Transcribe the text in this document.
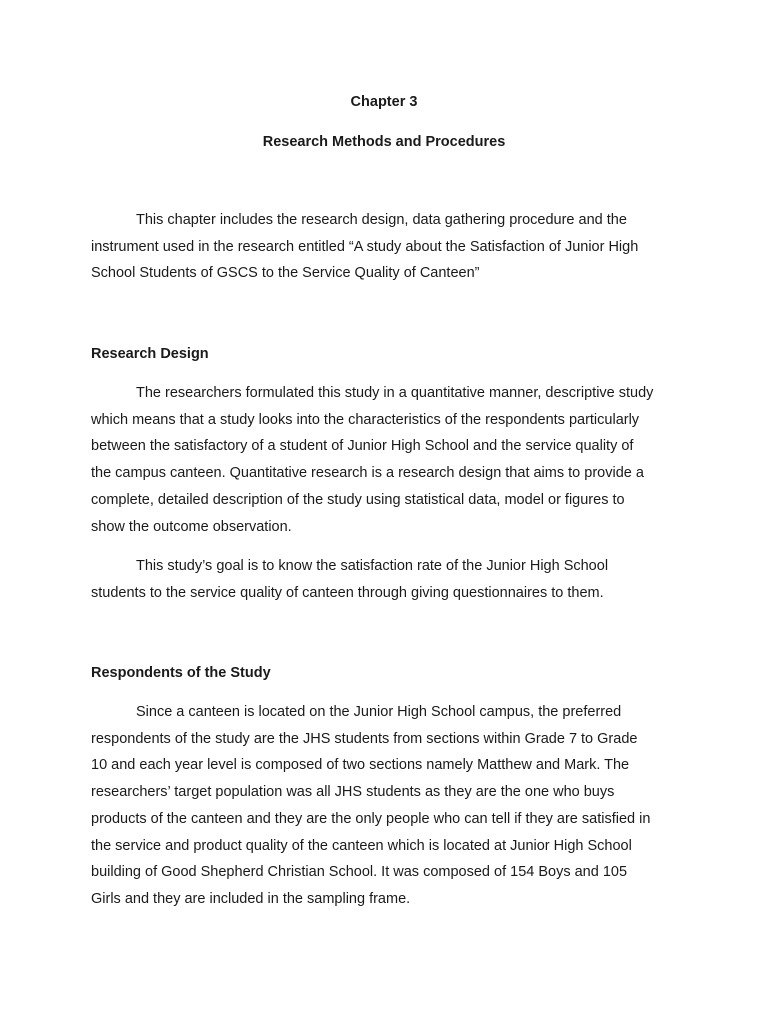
Chapter 3
Research Methods and Procedures
This chapter includes the research design, data gathering procedure and the
instrument used in the research entitled “A study about the Satisfaction of Junior High
School Students of GSCS to the Service Quality of Canteen”
Research Design
The researchers formulated this study in a quantitative manner, descriptive study
which means that a study looks into the characteristics of the respondents particularly
between the satisfactory of a student of Junior High School and the service quality of
the campus canteen. Quantitative research is a research design that aims to provide a
complete, detailed description of the study using statistical data, model or figures to
show the outcome observation.
This study’s goal is to know the satisfaction rate of the Junior High School
students to the service quality of canteen through giving questionnaires to them.
Respondents of the Study
Since a canteen is located on the Junior High School campus, the preferred
respondents of the study are the JHS students from sections within Grade 7 to Grade
10 and each year level is composed of two sections namely Matthew and Mark. The
researchers’ target population was all JHS students as they are the one who buys
products of the canteen and they are the only people who can tell if they are satisfied in
the service and product quality of the canteen which is located at Junior High School
building of Good Shepherd Christian School. It was composed of 154 Boys and 105
Girls and they are included in the sampling frame.
